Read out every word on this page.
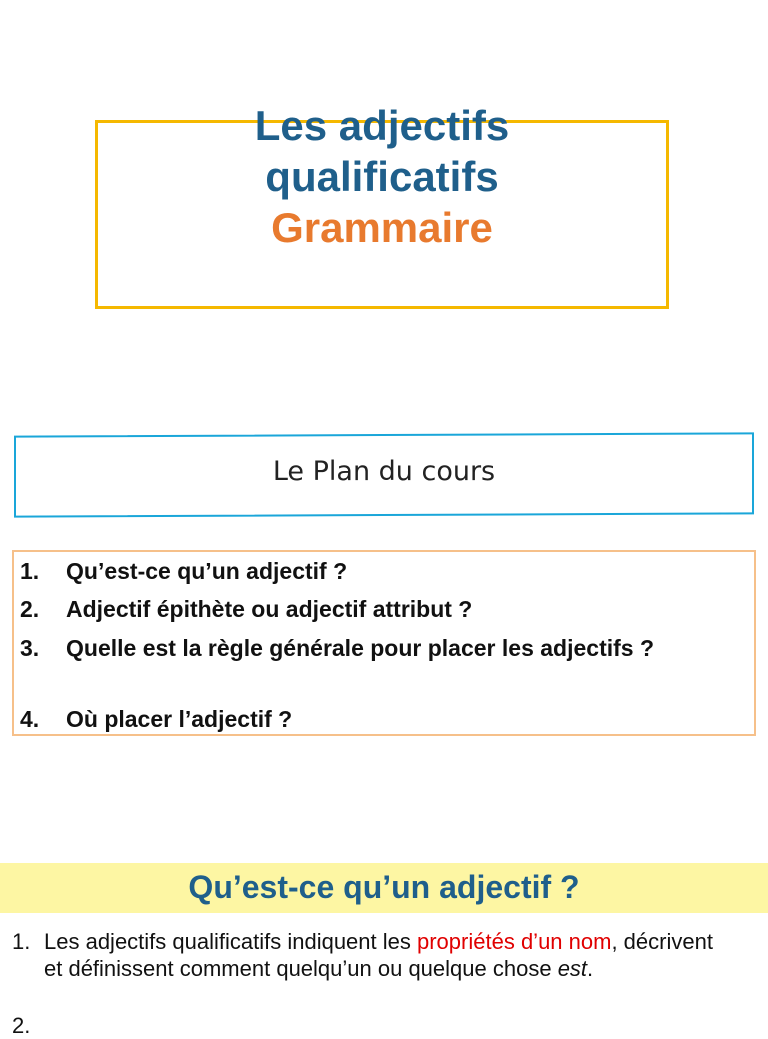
Les adjectifs
qualificatifs
Grammaire
Le Plan du cours
1. Qu’est-ce qu’un adjectif ?
2. Adjectif épithète ou adjectif attribut ?
3. Quelle est la règle générale pour placer les adjectifs ?
4. Où placer l’adjectif ?
Qu’est-ce qu’un adjectif ?
1. Les adjectifs qualificatifs indiquent les propriétés d’un nom, décrivent et définissent comment quelqu’un ou quelque chose est.
2.
